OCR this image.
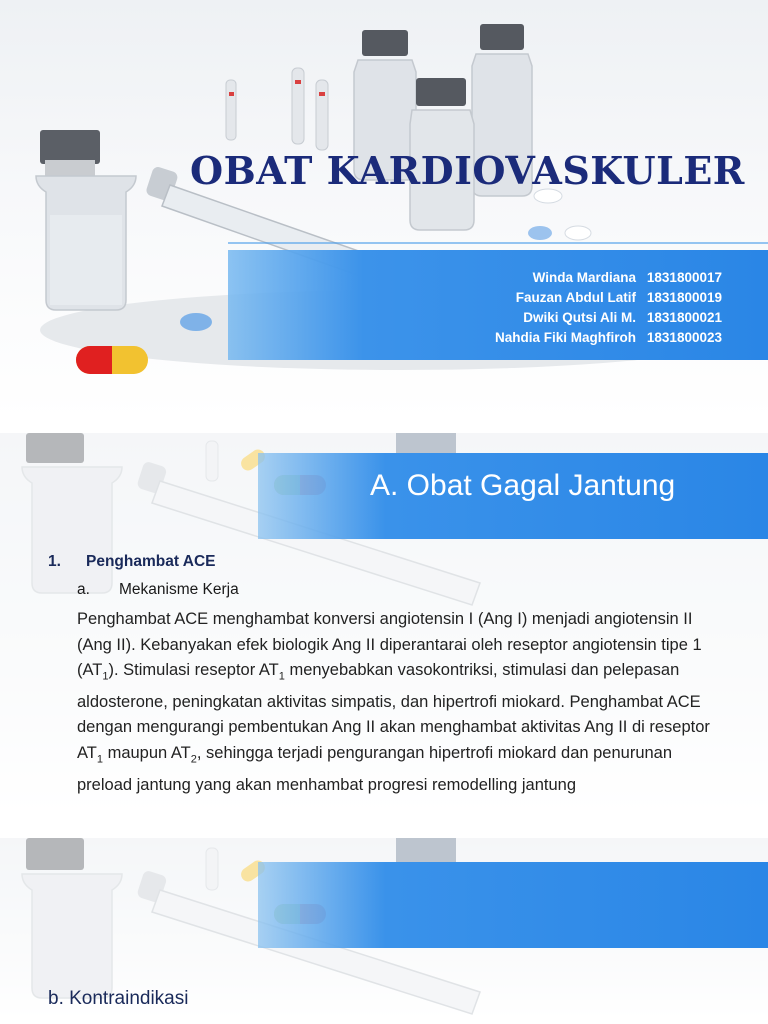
OBAT KARDIOVASKULER
Winda Mardiana 1831800017
Fauzan Abdul Latif 1831800019
Dwiki Qutsi Ali M. 1831800021
Nahdia Fiki Maghfiroh 1831800023
A. Obat Gagal Jantung
1.	Penghambat ACE
a.	Mekanisme Kerja

Penghambat ACE menghambat konversi angiotensin I (Ang I) menjadi angiotensin II (Ang II). Kebanyakan efek biologik Ang II diperantarai oleh reseptor angiotensin tipe 1 $(AT_1)$. Stimulasi reseptor $AT_1$ menyebabkan vasokontriksi, stimulasi dan pelepasan aldosterone, peningkatan aktivitas simpatis, dan hipertrofi miokard. Penghambat ACE dengan mengurangi pembentukan Ang II akan menghambat aktivitas Ang II di reseptor $AT_1$ maupun $AT_2$, sehingga terjadi pengurangan hipertrofi miokard dan penurunan preload jantung yang akan menhambat progresi remodelling jantung

b. Kontraindikasi
